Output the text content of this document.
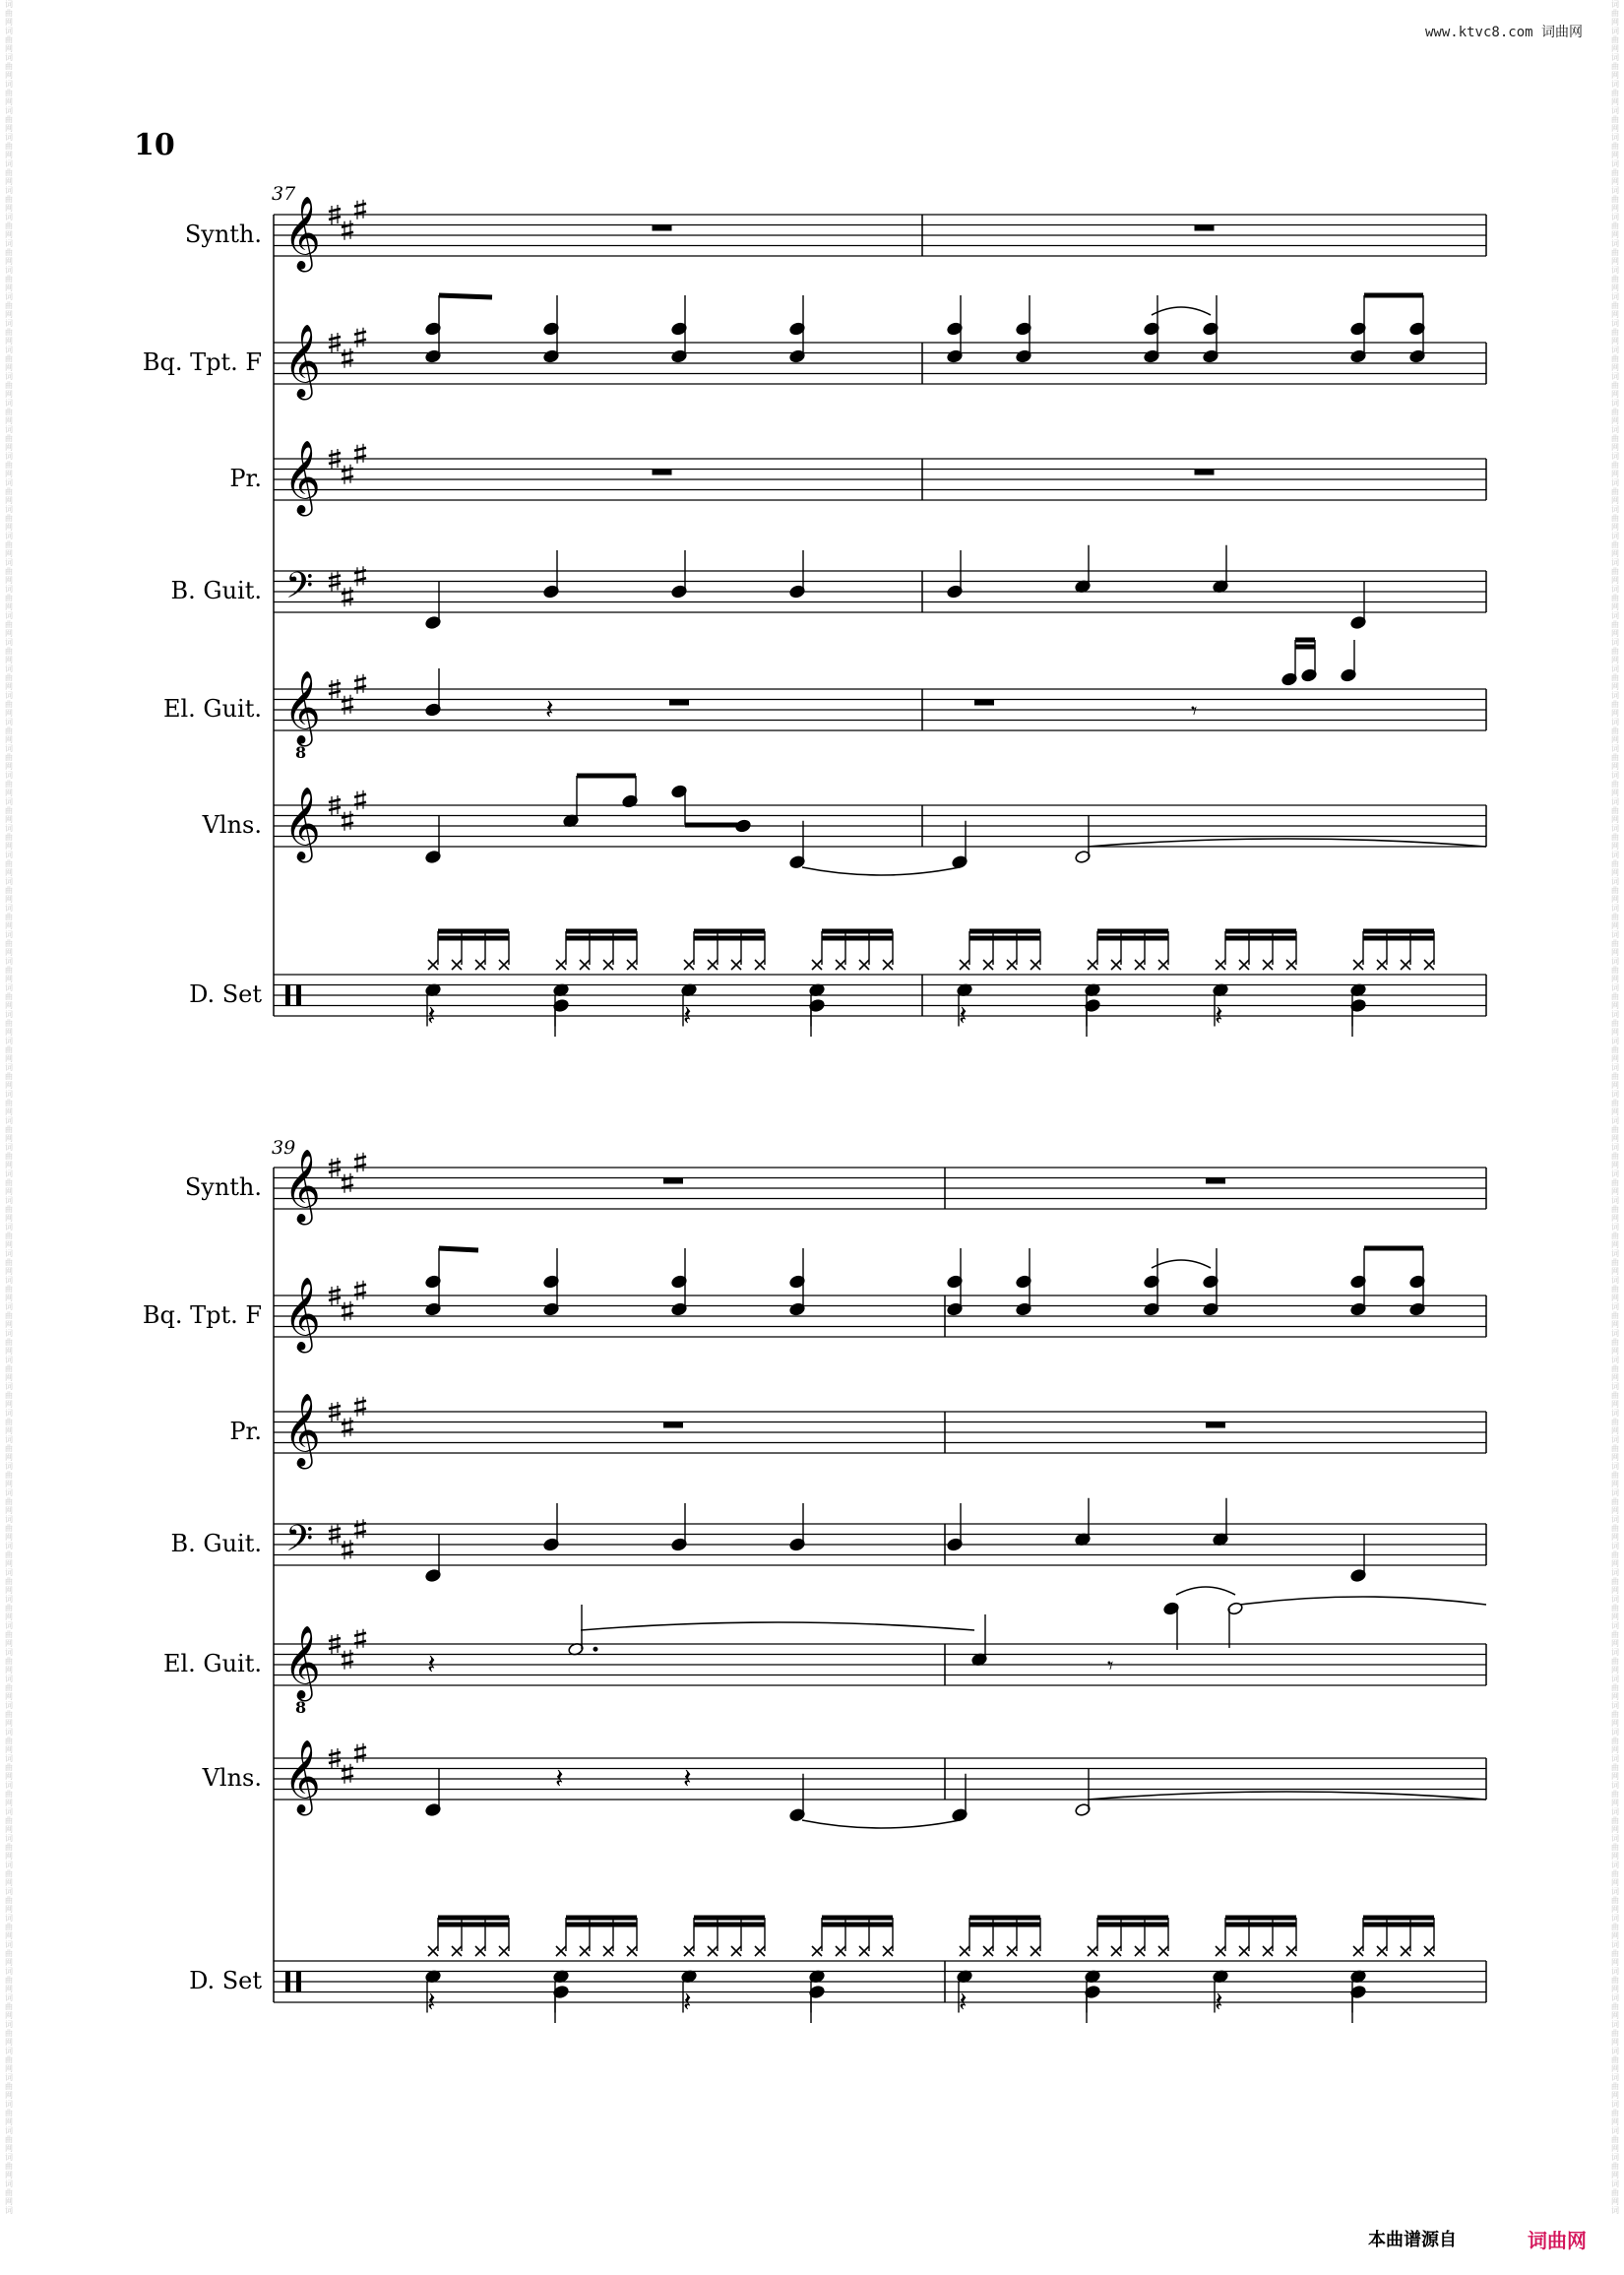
词
曲
网
词
曲
网
词
曲
网
词
曲
网
词
曲
网
词
曲
网
词
曲
网
词
曲
网
词
曲
网
词
曲
网
词
曲
网
词
曲
网
词
曲
网
词
曲
网
词
曲
网
词
曲
网
词
曲
网
词
曲
网
词
曲
网
词
曲
网
词
曲
网
词
曲
网
词
曲
网
词
曲
网
词
曲
网
词
曲
网
词
曲
网
词
曲
网
词
曲
网
词
曲
网
词
曲
网
词
曲
网
词
曲
网
词
曲
网
词
曲
网
词
曲
网
词
曲
网
词
曲
网
词
曲
网
词
曲
网
词
曲
网
词
曲
网
词
曲
网
词
曲
网
词
曲
网
词
曲
网
词
曲
网
词
曲
网
词
曲
网
词
曲
网
词
曲
网
词
曲
网
词
曲
网
词
曲
网
词
曲
网
词
曲
网
词
曲
网
词
曲
网
词
曲
网
词
曲
网
词
曲
网
词
曲
网
词
曲
网
词
曲
网
词
曲
网
词
曲
网
词
曲
网
词
曲
网
词
曲
网
词
曲
网
词
曲
网
词
曲
网
词
曲
网
词
曲
网
词
曲
网
词
曲
网
词
曲
网
词
曲
网
词
曲
网
词
曲
网
词
曲
网
词
曲
网
词
曲
网
词
词
曲
网
词
曲
网
词
曲
网
词
曲
网
词
曲
网
词
曲
网
词
曲
网
词
曲
网
词
曲
网
词
曲
网
词
曲
网
词
曲
网
词
曲
网
词
曲
网
词
曲
网
词
曲
网
词
曲
网
词
曲
网
词
曲
网
词
曲
网
词
曲
网
词
曲
网
词
曲
网
词
曲
网
词
曲
网
词
曲
网
词
曲
网
词
曲
网
词
曲
网
词
曲
网
词
曲
网
词
曲
网
词
曲
网
词
曲
网
词
曲
网
词
曲
网
词
曲
网
词
曲
网
词
曲
网
词
曲
网
词
曲
网
词
曲
网
词
曲
网
词
曲
网
词
曲
网
词
曲
网
词
曲
网
词
曲
网
词
曲
网
词
曲
网
词
曲
网
词
曲
网
词
曲
网
词
曲
网
词
曲
网
词
曲
网
词
曲
网
词
曲
网
词
曲
网
词
曲
网
词
曲
网
词
曲
网
词
曲
网
词
曲
网
词
曲
网
词
曲
网
词
曲
网
词
曲
网
词
曲
网
词
曲
网
词
曲
网
词
曲
网
词
曲
网
词
曲
网
词
曲
网
词
曲
网
词
曲
网
词
曲
网
词
曲
网
词
曲
网
词
曲
网
词
曲
网
词
曲
网
词
www.ktvc8.com 词曲网
10
37
39
Synth.
Bq. Tpt. F
Pr.
B. Guit.
El. Guit.
Vlns.
D. Set
Synth.
Bq. Tpt. F
Pr.
B. Guit.
El. Guit.
Vlns.
D. Set
𝄞
𝄞
𝄞
𝄢
𝄞
8
𝄞
𝄽	𝄾
𝄽	𝄽	𝄽	𝄽
𝄞
𝄞
𝄞
𝄢
𝄞
8
𝄞
𝄽	𝄾
𝄽	𝄽
𝄽	𝄽	𝄽	𝄽
本曲谱源自	词曲网
